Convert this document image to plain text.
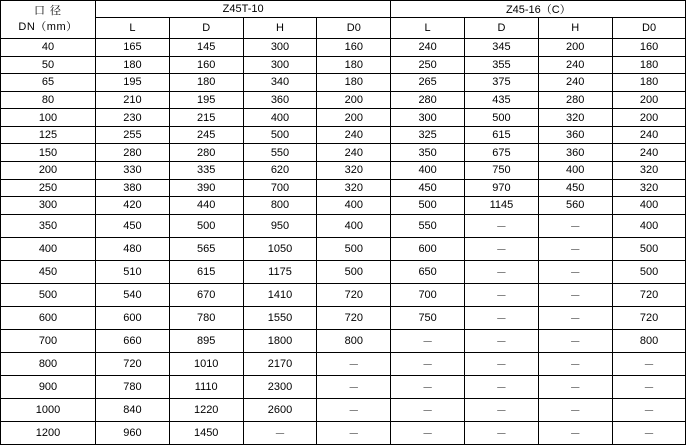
口 径
DN（mm）	Z45T-10				Z45-16（C）			
	L	D	H	D0	L	D	H	D0
40	165	145	300	160	240	345	200	160
50	180	160	300	180	250	355	240	180
65	195	180	340	180	265	375	240	180
80	210	195	360	200	280	435	280	200
100	230	215	400	200	300	500	320	200
125	255	245	500	240	325	615	360	240
150	280	280	550	240	350	675	360	240
200	330	335	620	320	400	750	400	320
250	380	390	700	320	450	970	450	320
300	420	440	800	400	500	1145	560	400
350	450	500	950	400	550	－	－	400
400	480	565	1050	500	600	－	－	500
450	510	615	1175	500	650	－	－	500
500	540	670	1410	720	700	－	－	720
600	600	780	1550	720	750	－	－	720
700	660	895	1800	800	－	－	－	800
800	720	1010	2170	－	－	－	－	－
900	780	1110	2300	－	－	－	－	－
1000	840	1220	2600	－	－	－	－	－
1200	960	1450	－	－	－	－	－	－
